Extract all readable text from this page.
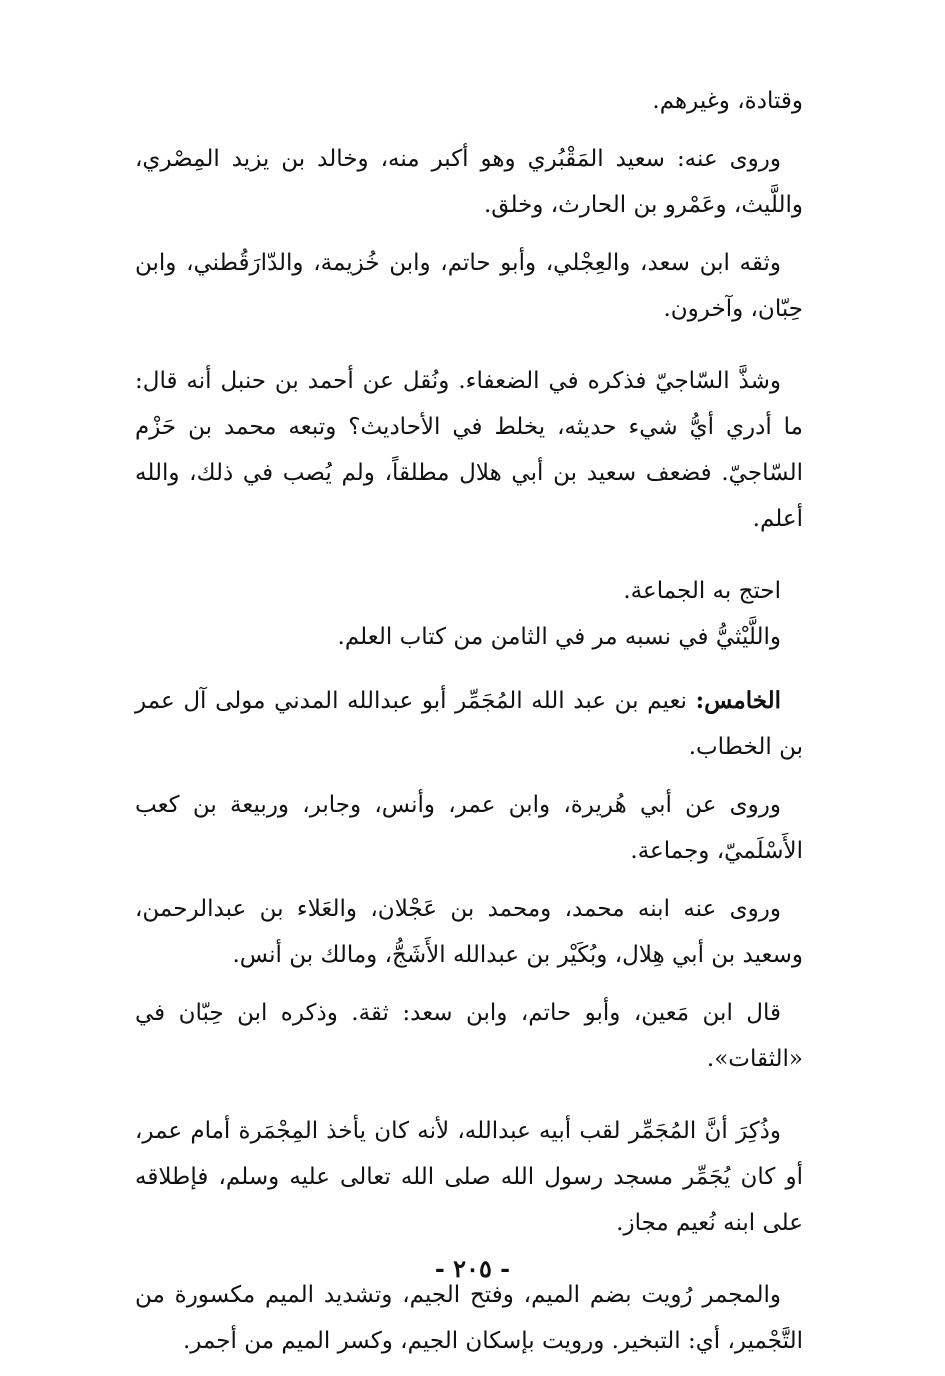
وقتادة، وغيرهم.

وروى عنه: سعيد المَقْبُري وهو أكبر منه، وخالد بن يزيد المِصْري، واللَّيث، وعَمْرو بن الحارث، وخلق.

وثقه ابن سعد، والعِجْلي، وأبو حاتم، وابن خُزيمة، والدّارَقُطني، وابن حِبّان، وآخرون.

وشذَّ السّاجيّ فذكره في الضعفاء. ونُقل عن أحمد بن حنبل أنه قال: ما أدري أيُّ شيء حديثه، يخلط في الأحاديث؟ وتبعه محمد بن حَزْم السّاجيّ. فضعف سعيد بن أبي هلال مطلقاً، ولم يُصب في ذلك، والله أعلم.

احتج به الجماعة.

واللَّيْثيُّ في نسبه مر في الثامن من كتاب العلم.

الخامس: نعيم بن عبد الله المُجَمِّر أبو عبدالله المدني مولى آل عمر بن الخطاب.

وروى عن أبي هُريرة، وابن عمر، وأنس، وجابر، وربيعة بن كعب الأَسْلَميّ، وجماعة.

وروى عنه ابنه محمد، ومحمد بن عَجْلان، والعَلاء بن عبدالرحمن، وسعيد بن أبي هِلال، وبُكَيْر بن عبدالله الأَشَجُّ، ومالك بن أنس.

قال ابن مَعين، وأبو حاتم، وابن سعد: ثقة. وذكره ابن حِبّان في «الثقات».

وذُكِرَ أنَّ المُجَمِّر لقب أبيه عبدالله، لأنه كان يأخذ المِجْمَرة أمام عمر، أو كان يُجَمِّر مسجد رسول الله صلى الله تعالى عليه وسلم، فإطلاقه على ابنه نُعيم مجاز.

والمجمر رُويت بضم الميم، وفتح الجيم، وتشديد الميم مكسورة من التَّجْمير، أي: التبخير. ورويت بإسكان الجيم، وكسر الميم من أجمر.

- ٢٠٥ -
